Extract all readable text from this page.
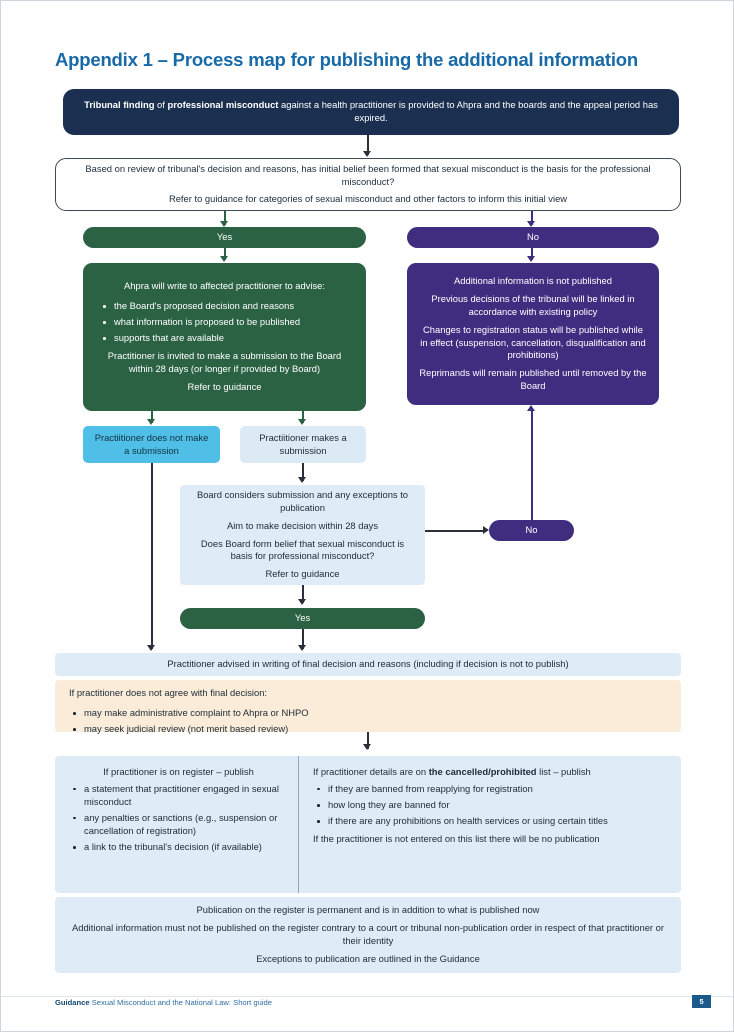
Appendix 1 – Process map for publishing the additional information

Tribunal finding of professional misconduct against a health practitioner is provided to Ahpra and the boards and the appeal period has expired.

Based on review of tribunal's decision and reasons, has initial belief been formed that sexual misconduct is the basis for the professional misconduct?

Refer to guidance for categories of sexual misconduct and other factors to inform this initial view

Yes	No

Ahpra will write to affected practitioner to advise:

the Board's proposed decision and reasons
what information is proposed to be published
supports that are available

Practitioner is invited to make a submission to the Board within 28 days (or longer if provided by Board)

Refer to guidance

Additional information is not published

Previous decisions of the tribunal will be linked in accordance with existing policy

Changes to registration status will be published while in effect (suspension, cancellation, disqualification and prohibitions)

Reprimands will remain published until removed by the Board

Practiitioner does not make a submission

Practiitioner makes a submission

Board considers submission and any exceptions to publication

Aim to make decision within 28 days

Does Board form belief that sexual misconduct is basis for professional misconduct?

Refer to guidance

No

Yes

Practitioner advised in writing of final decision and reasons (including if decision is not to publish)

If practitioner does not agree with final decision:

may make administrative complaint to Ahpra or NHPO
may seek judicial review (not merit based review)
If practitioner is on register – publish
a statement that practitioner engaged in sexual misconduct
any penalties or sanctions (e.g., suspension or cancellation of registration)
a link to the tribunal's decision (if available)
If practitioner details are on the cancelled/prohibited list – publish
if they are banned from reapplying for registration
how long they are banned for
if there are any prohibitions on health services or using certain titles
If the practitioner is not entered on this list there will be no publication

Publication on the register is permanent and is in addition to what is published now

Additional information must not be published on the register contrary to a court or tribunal non-publication order in respect of that practitioner or their identity

Exceptions to publication are outlined in the Guidance

Guidance Sexual Misconduct and the National Law: Short guide	5
